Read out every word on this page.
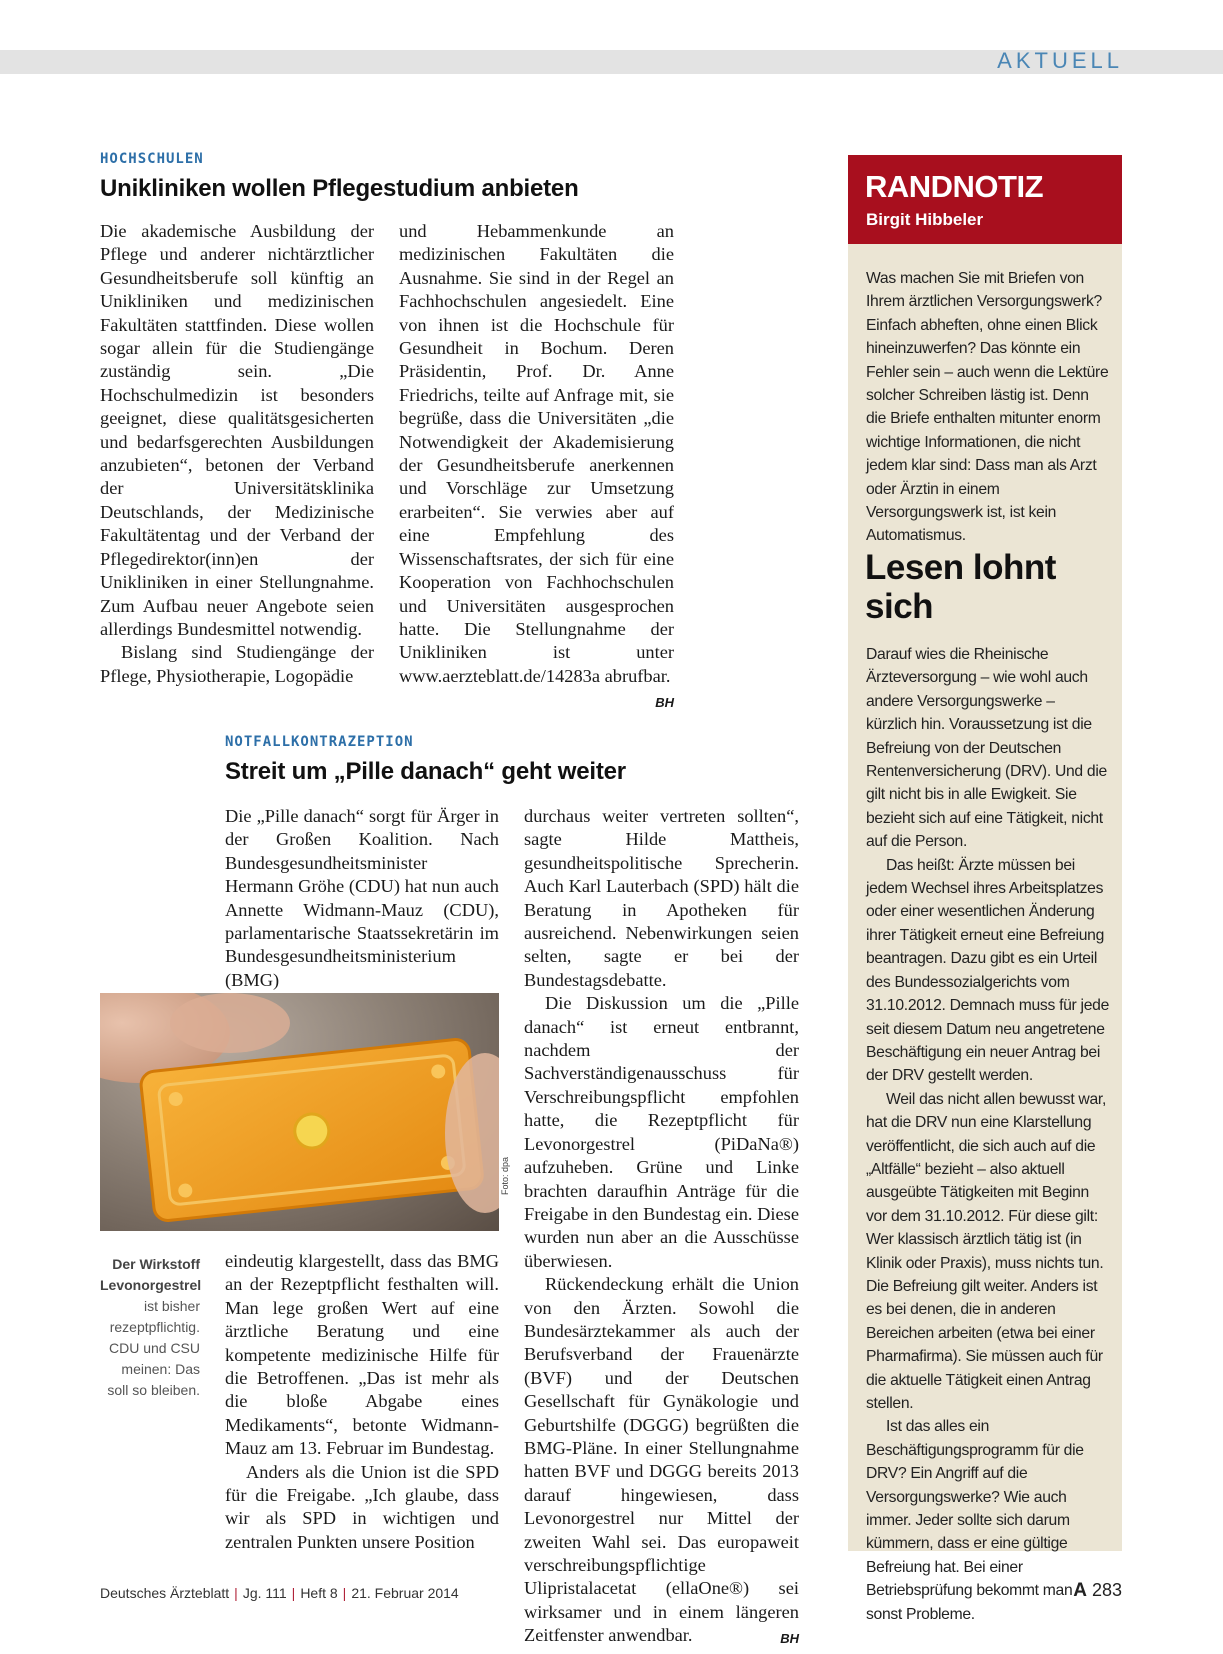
AKTUELL
HOCHSCHULEN
Unikliniken wollen Pflegestudium anbieten

Die akademische Ausbildung der Pflege und anderer nichtärztlicher Gesundheitsberufe soll künftig an Unikliniken und medizinischen Fakultäten stattfinden. Diese wollen sogar allein für die Studiengänge zuständig sein. „Die Hochschulmedizin ist besonders geeignet, diese qualitätsgesicherten und bedarfsgerechten Ausbildungen anzubieten“, betonen der Verband der Universitätsklinika Deutschlands, der Medizinische Fakultätentag und der Verband der Pflegedirektor(inn)en der Unikliniken in einer Stellungnahme. Zum Aufbau neuer Angebote seien allerdings Bundesmittel notwendig.

Bislang sind Studiengänge der Pflege, Physiotherapie, Logopädie

und Hebammenkunde an medizinischen Fakultäten die Ausnahme. Sie sind in der Regel an Fachhochschulen angesiedelt. Eine von ihnen ist die Hochschule für Gesundheit in Bochum. Deren Präsidentin, Prof. Dr. Anne Friedrichs, teilte auf Anfrage mit, sie begrüße, dass die Universitäten „die Notwendigkeit der Akademisierung der Gesundheitsberufe anerkennen und Vorschläge zur Umsetzung erarbeiten“. Sie verwies aber auf eine Empfehlung des Wissenschaftsrates, der sich für eine Kooperation von Fachhochschulen und Universitäten ausgesprochen hatte. Die Stellungnahme der Unikliniken ist unter www.aerzteblatt.de/14283a abrufbar.
BH

NOTFALLKONTRAZEPTION
Streit um „Pille danach“ geht weiter

Die „Pille danach“ sorgt für Ärger in der Großen Koalition. Nach Bundesgesundheitsminister Hermann Gröhe (CDU) hat nun auch Annette Widmann-Mauz (CDU), parlamentarische Staatssekretärin im Bundesgesundheitsministerium (BMG)

Foto: dpa
Der Wirkstoff Levonorgestrel ist bisher rezeptpflichtig. CDU und CSU meinen: Das soll so bleiben.

eindeutig klargestellt, dass das BMG an der Rezeptpflicht festhalten will. Man lege großen Wert auf eine ärztliche Beratung und eine kompetente medizinische Hilfe für die Betroffenen. „Das ist mehr als die bloße Abgabe eines Medikaments“, betonte Widmann-Mauz am 13. Februar im Bundestag.

Anders als die Union ist die SPD für die Freigabe. „Ich glaube, dass wir als SPD in wichtigen und zentralen Punkten unsere Position

durchaus weiter vertreten sollten“, sagte Hilde Mattheis, gesundheitspolitische Sprecherin. Auch Karl Lauterbach (SPD) hält die Beratung in Apotheken für ausreichend. Nebenwirkungen seien selten, sagte er bei der Bundestagsdebatte.

Die Diskussion um die „Pille danach“ ist erneut entbrannt, nachdem der Sachverständigenausschuss für Verschreibungspflicht empfohlen hatte, die Rezeptpflicht für Levonorgestrel (PiDaNa®) aufzuheben. Grüne und Linke brachten daraufhin Anträge für die Freigabe in den Bundestag ein. Diese wurden nun aber an die Ausschüsse überwiesen.

Rückendeckung erhält die Union von den Ärzten. Sowohl die Bundesärztekammer als auch der Berufsverband der Frauenärzte (BVF) und der Deutschen Gesellschaft für Gynäkologie und Geburtshilfe (DGGG) begrüßten die BMG-Pläne. In einer Stellungnahme hatten BVF und DGGG bereits 2013 darauf hingewiesen, dass Levonorgestrel nur Mittel der zweiten Wahl sei. Das europaweit verschreibungspflichtige Ulipristalacetat (ellaOne®) sei wirksamer und in einem längeren Zeitfenster anwendbar.	BH

RANDNOTIZ
Birgit Hibbeler

Was machen Sie mit Briefen von Ihrem ärztlichen Versorgungswerk? Einfach abheften, ohne einen Blick hineinzuwerfen? Das könnte ein Fehler sein – auch wenn die Lektüre solcher Schreiben lästig ist. Denn die Briefe enthalten mitunter enorm wichtige Informationen, die nicht jedem klar sind: Dass man als Arzt oder Ärztin in einem Versorgungswerk ist, ist kein Automatismus.

Lesen lohnt sich

Darauf wies die Rheinische Ärzteversorgung – wie wohl auch andere Versorgungswerke – kürzlich hin. Voraussetzung ist die Befreiung von der Deutschen Rentenversicherung (DRV). Und die gilt nicht bis in alle Ewigkeit. Sie bezieht sich auf eine Tätigkeit, nicht auf die Person.

Das heißt: Ärzte müssen bei jedem Wechsel ihres Arbeitsplatzes oder einer wesentlichen Änderung ihrer Tätigkeit erneut eine Befreiung beantragen. Dazu gibt es ein Urteil des Bundessozialgerichts vom 31.10.2012. Demnach muss für jede seit diesem Datum neu angetretene Beschäftigung ein neuer Antrag bei der DRV gestellt werden.

Weil das nicht allen bewusst war, hat die DRV nun eine Klarstellung veröffentlicht, die sich auch auf die „Altfälle“ bezieht – also aktuell ausgeübte Tätigkeiten mit Beginn vor dem 31.10.2012. Für diese gilt: Wer klassisch ärztlich tätig ist (in Klinik oder Praxis), muss nichts tun. Die Befreiung gilt weiter. Anders ist es bei denen, die in anderen Bereichen arbeiten (etwa bei einer Pharmafirma). Sie müssen auch für die aktuelle Tätigkeit einen Antrag stellen.

Ist das alles ein Beschäftigungsprogramm für die DRV? Ein Angriff auf die Versorgungswerke? Wie auch immer. Jeder sollte sich darum kümmern, dass er eine gültige Befreiung hat. Bei einer Betriebsprüfung bekommt man sonst Probleme.

Deutsches Ärzteblatt | Jg. 111 | Heft 8 | 21. Februar 2014	A 283
